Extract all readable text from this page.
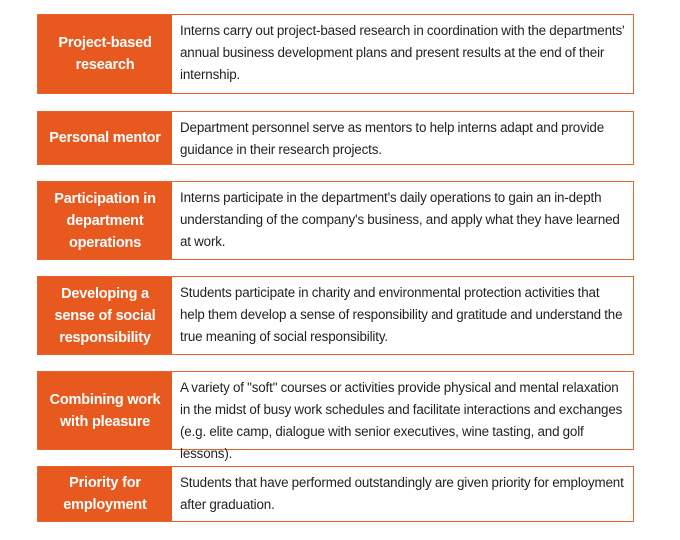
Project-based research
Interns carry out project-based research in coordination with the departments' annual business development plans and present results at the end of their internship.
Personal mentor
Department personnel serve as mentors to help interns adapt and provide guidance in their research projects.
Participation in department operations
Interns participate in the department's daily operations to gain an in-depth understanding of the company's business, and apply what they have learned at work.
Developing a sense of social responsibility
Students participate in charity and environmental protection activities that help them develop a sense of responsibility and gratitude and understand the true meaning of social responsibility.
Combining work with pleasure
A variety of "soft" courses or activities provide physical and mental relaxation in the midst of busy work schedules and facilitate interactions and exchanges (e.g. elite camp, dialogue with senior executives, wine tasting, and golf lessons).
Priority for employment
Students that have performed outstandingly are given priority for employment after graduation.
